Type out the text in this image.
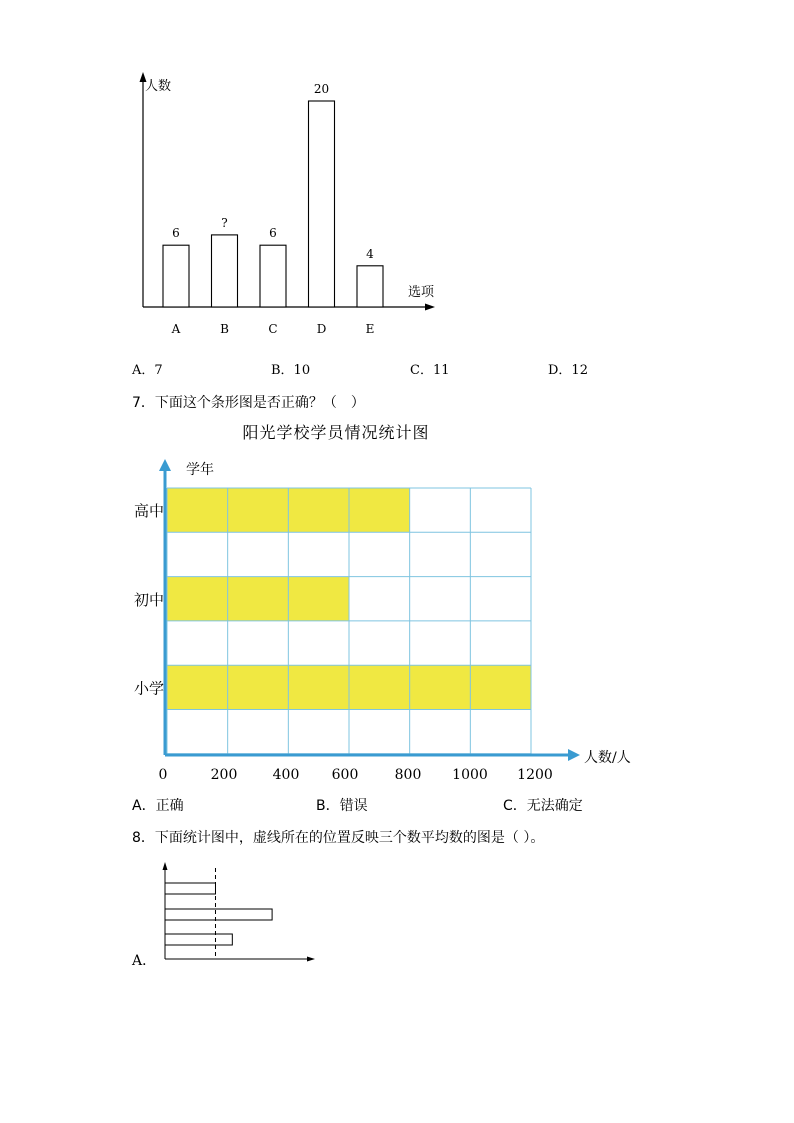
人数
选项
6
A
?
B
6
C
20
D
4
E
A．7	B．10	C．11	D．12
7．下面这个条形图是否正确？（　）
阳光学校学员情况统计图
学年
人数/人
高中
初中
小学
0	200	400 600	800 1000 1200
A．正确	B．错误	C．无法确定
8．下面统计图中，虚线所在的位置反映三个数平均数的图是（ ）。
A．
